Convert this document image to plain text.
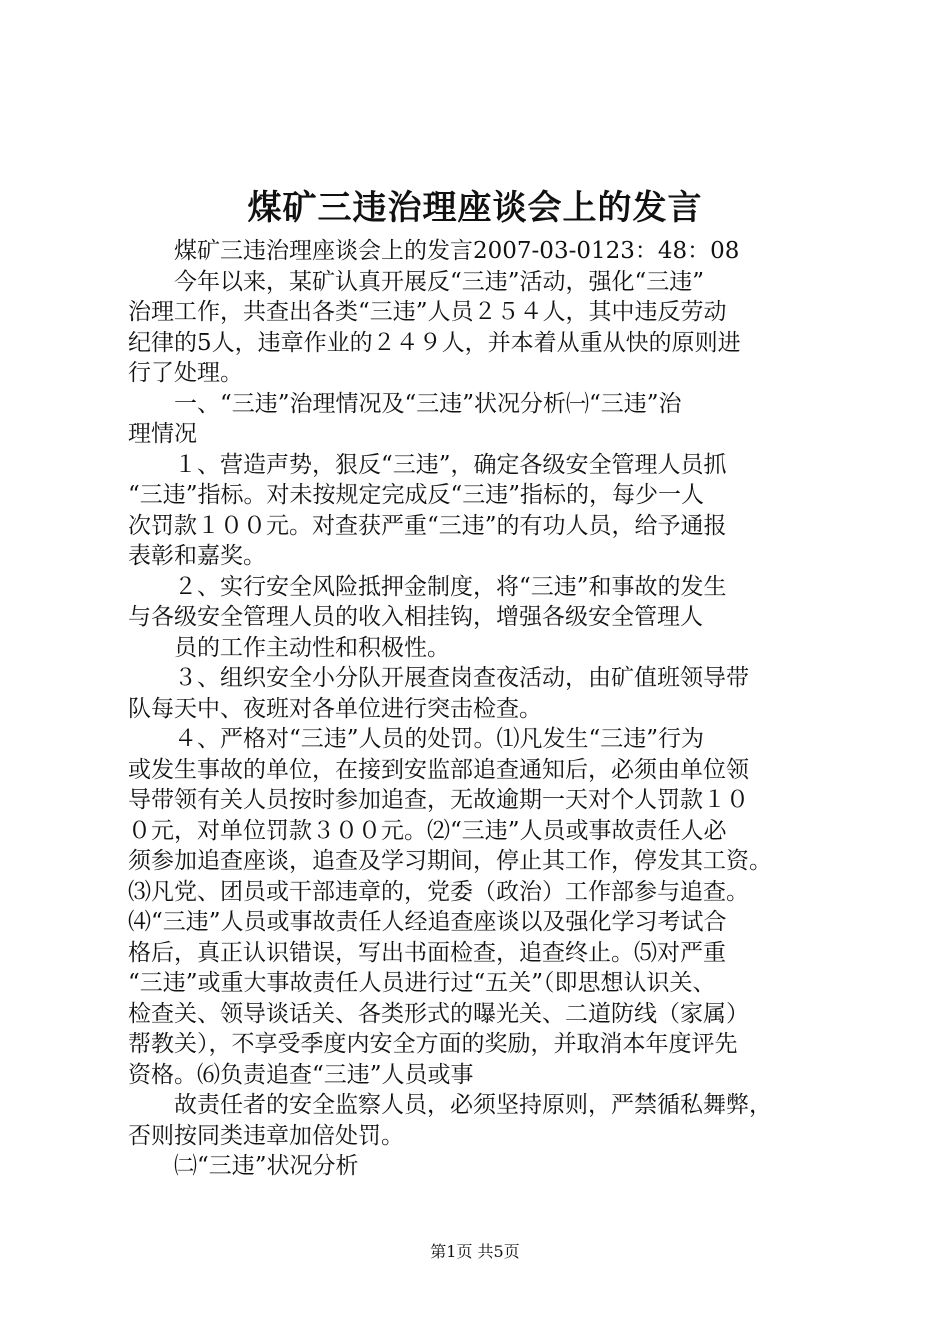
煤矿三违治理座谈会上的发言
　　煤矿三违治理座谈会上的发言2007-03-0123：48：08
　　今年以来，某矿认真开展反“三违”活动，强化“三违”
治理工作，共查出各类“三违”人员２５４人，其中违反劳动
纪律的5人，违章作业的２４９人，并本着从重从快的原则进
行了处理。
　　一、“三违”治理情况及“三违”状况分析㈠“三违”治
理情况
　　１、营造声势，狠反“三违”，确定各级安全管理人员抓
“三违”指标。对未按规定完成反“三违”指标的，每少一人
次罚款１００元。对查获严重“三违”的有功人员，给予通报
表彰和嘉奖。
　　２、实行安全风险抵押金制度，将“三违”和事故的发生
与各级安全管理人员的收入相挂钩，增强各级安全管理人
　　员的工作主动性和积极性。
　　３、组织安全小分队开展查岗查夜活动，由矿值班领导带
队每天中、夜班对各单位进行突击检查。
　　４、严格对“三违”人员的处罚。⑴凡发生“三违”行为
或发生事故的单位，在接到安监部追查通知后，必须由单位领
导带领有关人员按时参加追查，无故逾期一天对个人罚款１０
０元，对单位罚款３００元。⑵“三违”人员或事故责任人必
须参加追查座谈，追查及学习期间，停止其工作，停发其工资。
⑶凡党、团员或干部违章的，党委（政治）工作部参与追查。
⑷“三违”人员或事故责任人经追查座谈以及强化学习考试合
格后，真正认识错误，写出书面检查，追查终止。⑸对严重
“三违”或重大事故责任人员进行过“五关”（即思想认识关、
检查关、领导谈话关、各类形式的曝光关、二道防线（家属）
帮教关），不享受季度内安全方面的奖励，并取消本年度评先
资格。⑹负责追查“三违”人员或事
　　故责任者的安全监察人员，必须坚持原则，严禁循私舞弊，
否则按同类违章加倍处罚。
　　㈡“三违”状况分析
第1页 共5页
